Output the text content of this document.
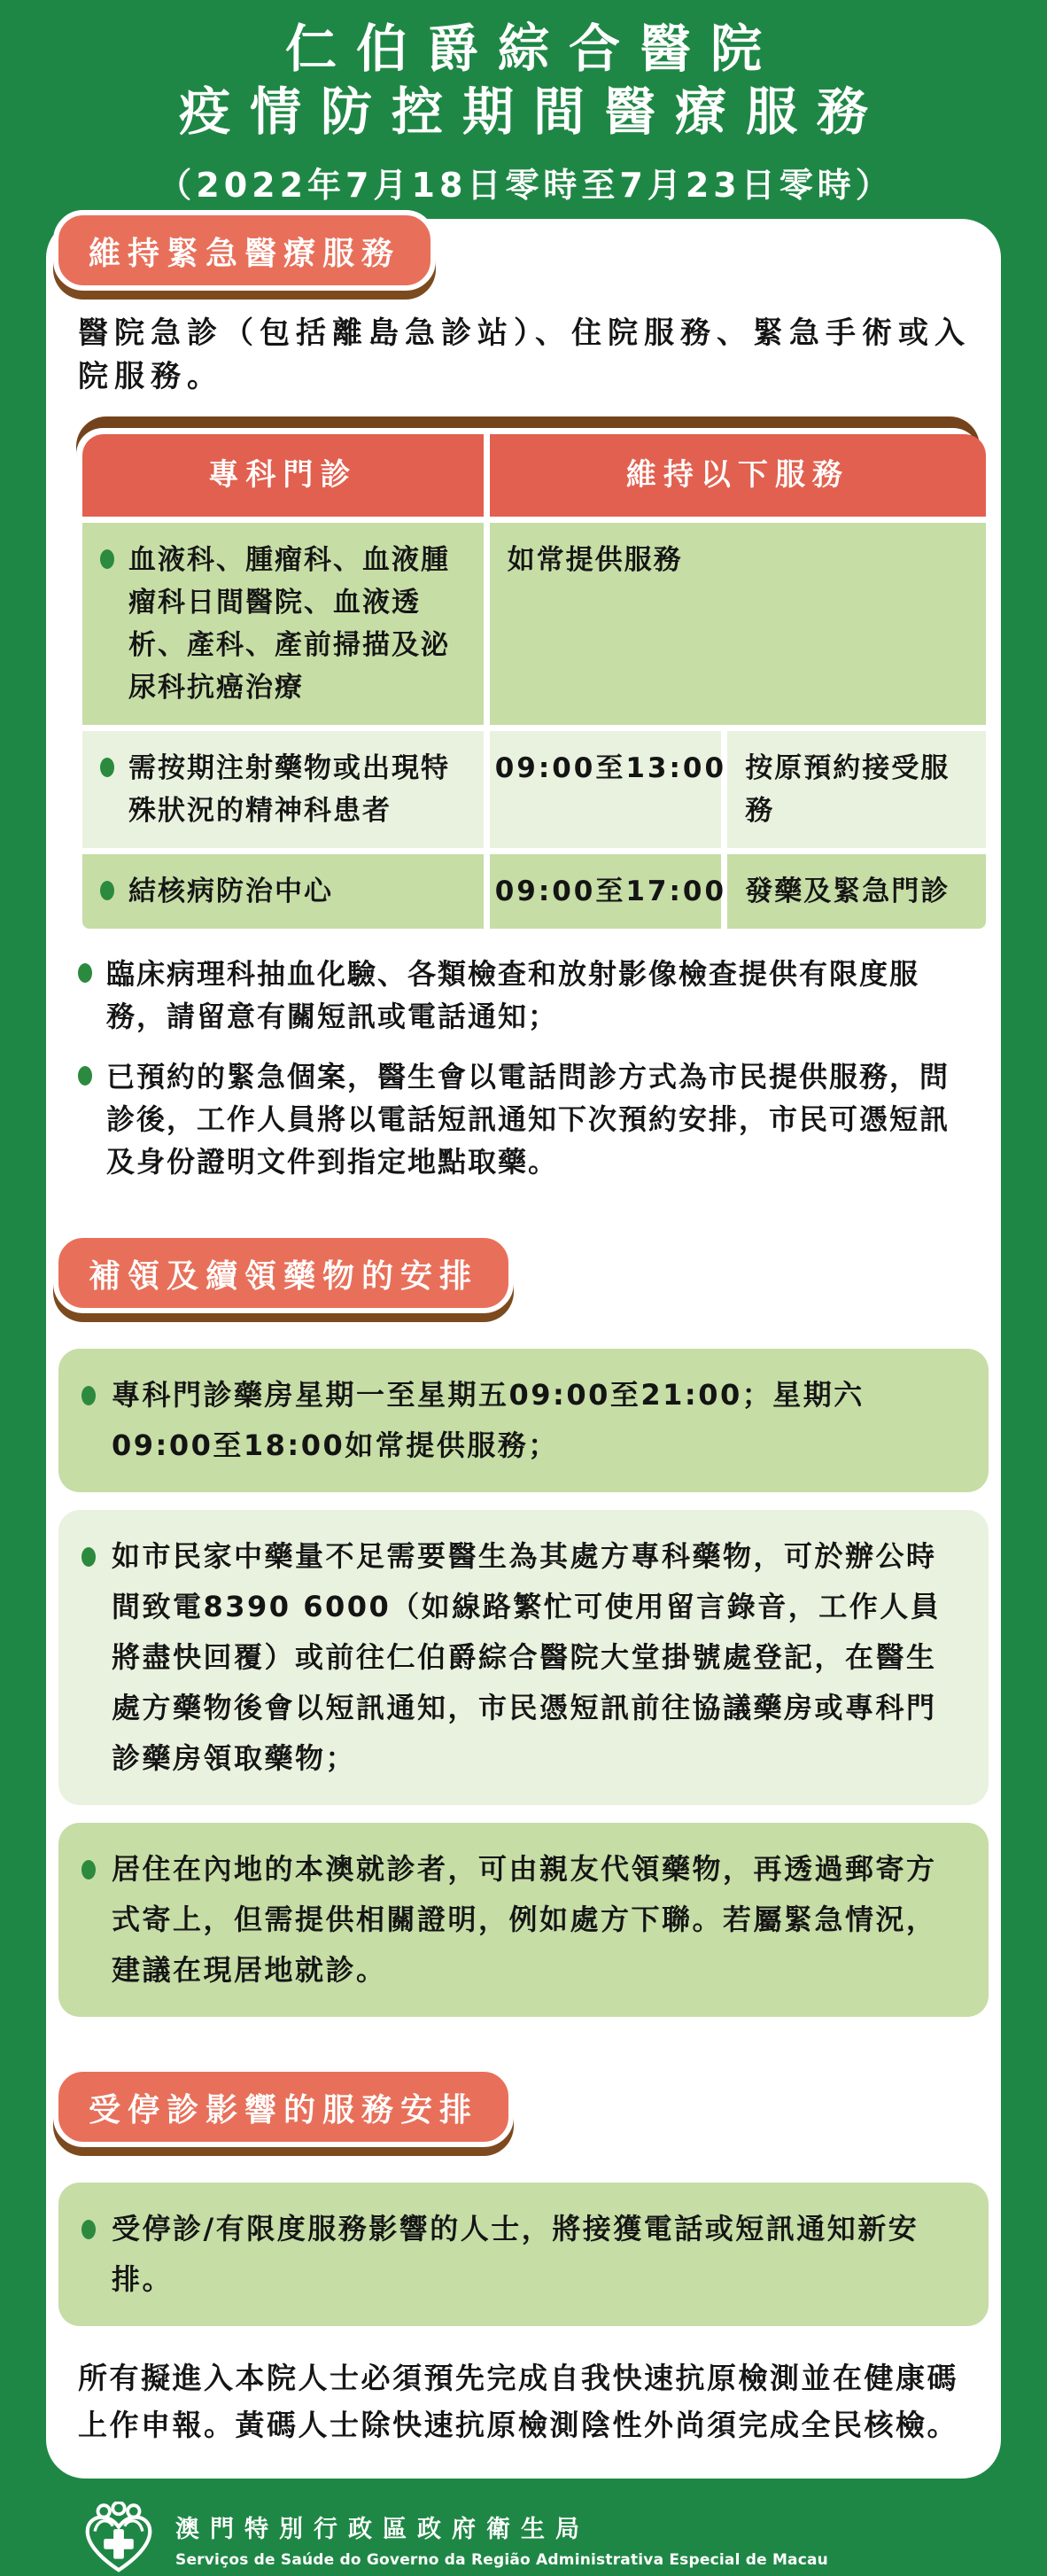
仁伯爵綜合醫院
疫情防控期間醫療服務
（2022年7月18日零時至7月23日零時）
維持緊急醫療服務

醫院急診（包括離島急診站）、住院服務、緊急手術或入院服務。

專科門診	維持以下服務

血液科、腫瘤科、血液腫瘤科日間醫院、血液透析、產科、產前掃描及泌尿科抗癌治療

如常提供服務

需按期注射藥物或出現特殊狀況的精神科患者

09:00至13:00 按原預約接受服務

結核病防治中心	09:00至17:00 發藥及緊急門診

臨床病理科抽血化驗、各類檢查和放射影像檢查提供有限度服務，請留意有關短訊或電話通知；

已預約的緊急個案，醫生會以電話問診方式為市民提供服務，問診後，工作人員將以電話短訊通知下次預約安排，市民可憑短訊及身份證明文件到指定地點取藥。

補領及續領藥物的安排

專科門診藥房星期一至星期五09:00至21:00；星期六09:00至18:00如常提供服務；

如市民家中藥量不足需要醫生為其處方專科藥物，可於辦公時間致電8390 6000（如線路繁忙可使用留言錄音，工作人員將盡快回覆）或前往仁伯爵綜合醫院大堂掛號處登記，在醫生處方藥物後會以短訊通知，市民憑短訊前往協議藥房或專科門診藥房領取藥物；

居住在內地的本澳就診者，可由親友代領藥物，再透過郵寄方式寄上，但需提供相關證明，例如處方下聯。若屬緊急情況，建議在現居地就診。

受停診影響的服務安排

受停診/有限度服務影響的人士，將接獲電話或短訊通知新安排。

所有擬進入本院人士必須預先完成自我快速抗原檢測並在健康碼上作申報。黃碼人士除快速抗原檢測陰性外尚須完成全民核檢。

澳門特別行政區政府衛生局
Serviços de Saúde do Governo da Região Administrativa Especial de Macau
